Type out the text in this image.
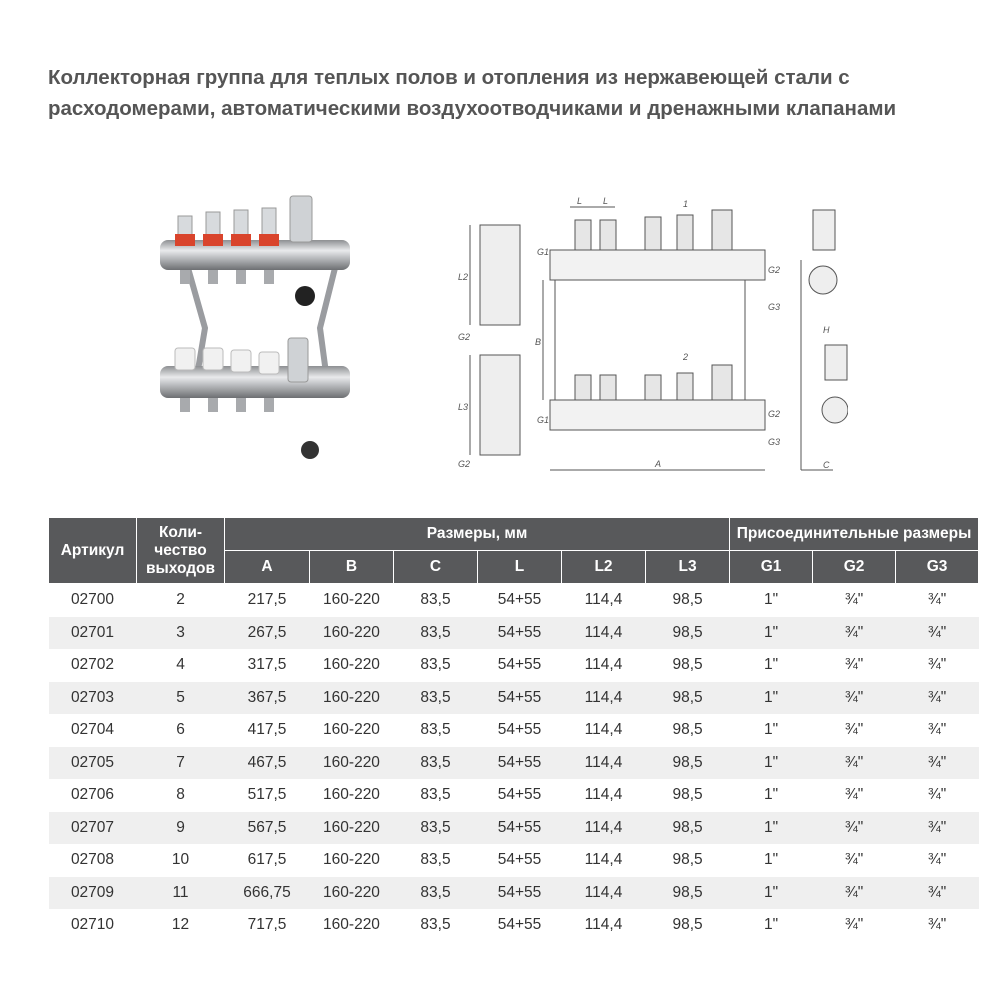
Коллекторная группа для теплых полов и отопления из нержавеющей стали с расходомерами, автоматическими воздухоотводчиками и дренажными клапанами
L L
G1
G1
B
A
G3
G3
G2
G2
L2
L3
G2
G2
1
2
H
C
Артикул	Коли-чество выходов	Размеры, мм						Присоединительные размеры		
		A	B	C	L	L2	L3	G1	G2	G3
02700	2	217,5	160-220	83,5	54+55	114,4	98,5	1"	¾"	¾"
02701	3	267,5	160-220	83,5	54+55	114,4	98,5	1"	¾"	¾"
02702	4	317,5	160-220	83,5	54+55	114,4	98,5	1"	¾"	¾"
02703	5	367,5	160-220	83,5	54+55	114,4	98,5	1"	¾"	¾"
02704	6	417,5	160-220	83,5	54+55	114,4	98,5	1"	¾"	¾"
02705	7	467,5	160-220	83,5	54+55	114,4	98,5	1"	¾"	¾"
02706	8	517,5	160-220	83,5	54+55	114,4	98,5	1"	¾"	¾"
02707	9	567,5	160-220	83,5	54+55	114,4	98,5	1"	¾"	¾"
02708	10	617,5	160-220	83,5	54+55	114,4	98,5	1"	¾"	¾"
02709	11	666,75	160-220	83,5	54+55	114,4	98,5	1"	¾"	¾"
02710	12	717,5	160-220	83,5	54+55	114,4	98,5	1"	¾"	¾"
